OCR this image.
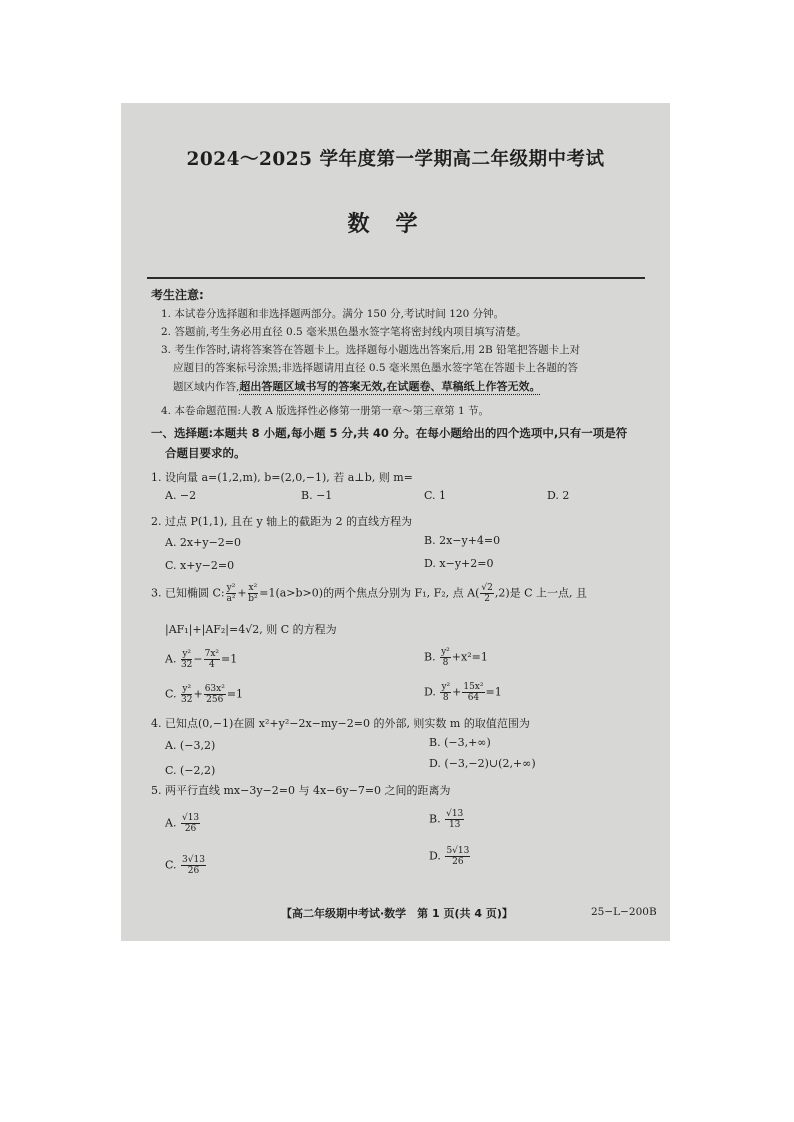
2024～2025 学年度第一学期高二年级期中考试
数学
考生注意:
1. 本试卷分选择题和非选择题两部分。满分 150 分,考试时间 120 分钟。
2. 答题前,考生务必用直径 0.5 毫米黑色墨水签字笔将密封线内项目填写清楚。
3. 考生作答时,请将答案答在答题卡上。选择题每小题选出答案后,用 2B 铅笔把答题卡上对
应题目的答案标号涂黑;非选择题请用直径 0.5 毫米黑色墨水签字笔在答题卡上各题的答
题区域内作答,超出答题区域书写的答案无效,在试题卷、草稿纸上作答无效。
4. 本卷命题范围:人教 A 版选择性必修第一册第一章～第三章第 1 节。
一、选择题:本题共 8 小题,每小题 5 分,共 40 分。在每小题给出的四个选项中,只有一项是符
合题目要求的。
1. 设向量 a=(1,2,m), b=(2,0,−1), 若 a⊥b, 则 m=
A. −2	B. −1	C. 1	D. 2
2. 过点 P(1,1), 且在 y 轴上的截距为 2 的直线方程为
A. 2x+y−2=0	B. 2x−y+4=0
C. x+y−2=0	D. x−y+2=0
3. 已知椭圆 C: $\frac{\text{y²}}{\text{a²}} + \frac{\text{x²}}{\text{b²}} =1(a>b>0)$的两个焦点分别为 F₁, F₂, 点 $A( \frac{√2}{2} ,2)$是 C 上一点, 且
|AF₁|+|AF₂|=4√2, 则 C 的方程为
A. $\frac{\text{y²}}{32} - \frac{\text{7x²}}{4} =1$	B. $\frac{\text{y²}}{8} +x^2=1$
C. $\frac{\text{y²}}{32} + \frac{\text{63x²}}{256} =1$	D. $\frac{\text{y²}}{8} + \frac{\text{15x²}}{64} =1$
4. 已知点(0,−1)在圆 x²+y²−2x−my−2=0 的外部, 则实数 m 的取值范围为
A. (−3,2)	B. (−3,+∞)
C. (−2,2)
D. (−3,−2)∪(2,+∞)
5. 两平行直线 mx−3y−2=0 与 4x−6y−7=0 之间的距离为
A. $\frac{√13}{26}$	B. $\frac{√13}{13}$
C. $\frac{3√13}{26}$	D. $\frac{5√13}{26}$
【高二年级期中考试·数学　第 1 页(共 4 页)】	25−L−200B
